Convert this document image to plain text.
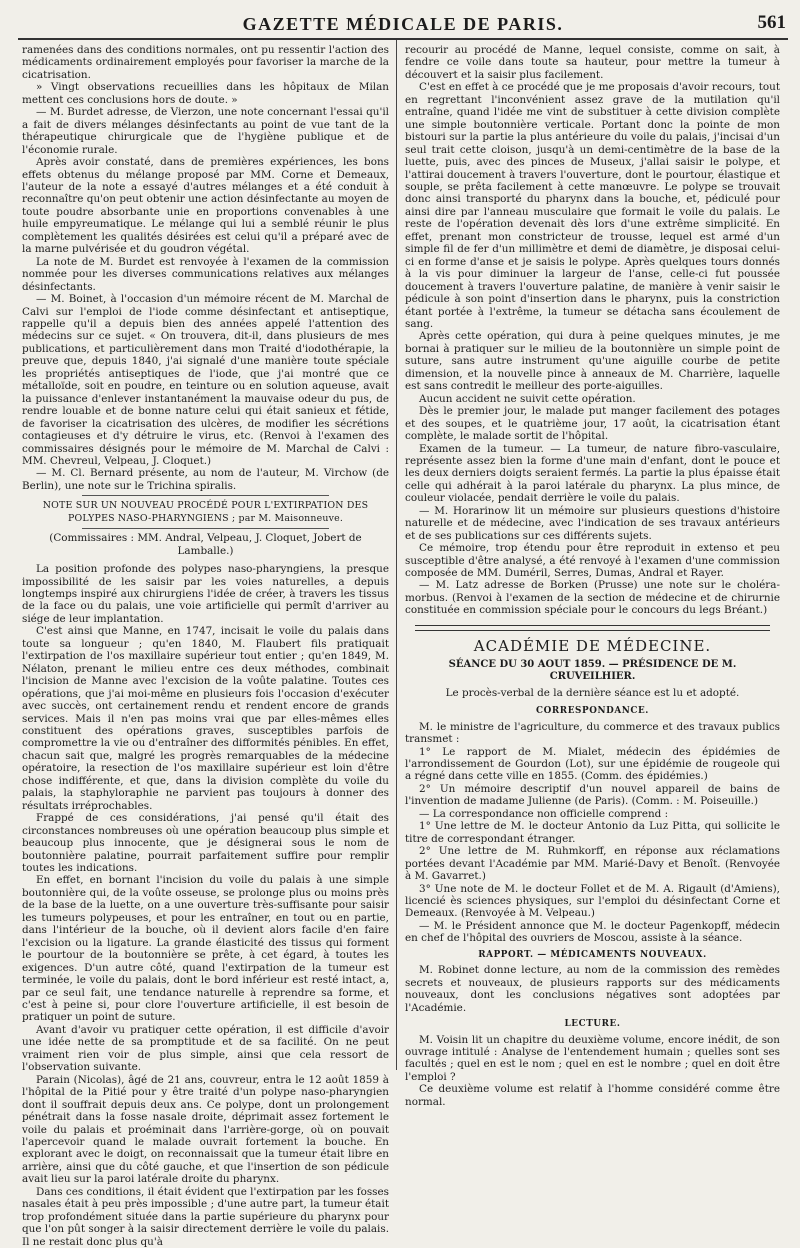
GAZETTE MÉDICALE DE PARIS.	561

ramenées dans des conditions normales, ont pu ressentir l'action des médicaments ordinairement employés pour favoriser la marche de la cicatrisation.

» Vingt observations recueillies dans les hôpitaux de Milan mettent ces conclusions hors de doute. »

— M. Burdet adresse, de Vierzon, une note concernant l'essai qu'il a fait de divers mélanges désinfectants au point de vue tant de la thérapeutique chirurgicale que de l'hygiène publique et de l'économie rurale.

Après avoir constaté, dans de premières expériences, les bons effets obtenus du mélange proposé par MM. Corne et Demeaux, l'auteur de la note a essayé d'autres mélanges et a été conduit à reconnaître qu'on peut obtenir une action désinfectante au moyen de toute poudre absorbante unie en proportions convenables à une huile empyreumatique. Le mélange qui lui a semblé réunir le plus complètement les qualités désirées est celui qu'il a préparé avec de la marne pulvérisée et du goudron végétal.

La note de M. Burdet est renvoyée à l'examen de la commission nommée pour les diverses communications relatives aux mélanges désinfectants.

— M. Boinet, à l'occasion d'un mémoire récent de M. Marchal de Calvi sur l'emploi de l'iode comme désinfectant et antiseptique, rappelle qu'il a depuis bien des années appelé l'attention des médecins sur ce sujet. « On trouvera, dit-il, dans plusieurs de mes publications, et particulièrement dans mon Traité d'iodothérapie, la preuve que, depuis 1840, j'ai signalé d'une manière toute spéciale les propriétés antiseptiques de l'iode, que j'ai montré que ce métalloïde, soit en poudre, en teinture ou en solution aqueuse, avait la puissance d'enlever instantanément la mauvaise odeur du pus, de rendre louable et de bonne nature celui qui était sanieux et fétide, de favoriser la cicatrisation des ulcères, de modifier les sécrétions contagieuses et d'y détruire le virus, etc. (Renvoi à l'examen des commissaires désignés pour le mémoire de M. Marchal de Calvi : MM. Chevreul, Velpeau, J. Cloquet.)

— M. Cl. Bernard présente, au nom de l'auteur, M. Virchow (de Berlin), une note sur le Trichina spiralis.

NOTE SUR UN NOUVEAU PROCÉDÉ POUR L'EXTIRPATION DES POLYPES NASO-PHARYNGIENS ; par M. Maisonneuve.

(Commissaires : MM. Andral, Velpeau, J. Cloquet, Jobert de Lamballe.)

La position profonde des polypes naso-pharyngiens, la presque impossibilité de les saisir par les voies naturelles, a depuis longtemps inspiré aux chirurgiens l'idée de créer, à travers les tissus de la face ou du palais, une voie artificielle qui permît d'arriver au siége de leur implantation.

C'est ainsi que Manne, en 1747, incisait le voile du palais dans toute sa longueur ; qu'en 1840, M. Flaubert fils pratiquait l'extirpation de l'os maxillaire supérieur tout entier ; qu'en 1849, M. Nélaton, prenant le milieu entre ces deux méthodes, combinait l'incision de Manne avec l'excision de la voûte palatine. Toutes ces opérations, que j'ai moi-même en plusieurs fois l'occasion d'exécuter avec succès, ont certainement rendu et rendent encore de grands services. Mais il n'en pas moins vrai que par elles-mêmes elles constituent des opérations graves, susceptibles parfois de compromettre la vie ou d'entraîner des difformités pénibles. En effet, chacun sait que, malgré les progrès remarquables de la médecine opératoire, la resection de l'os maxillaire supérieur est loin d'être chose indifférente, et que, dans la division complète du voile du palais, la staphyloraphie ne parvient pas toujours à donner des résultats irréprochables.

Frappé de ces considérations, j'ai pensé qu'il était des circonstances nombreuses où une opération beaucoup plus simple et beaucoup plus innocente, que je désignerai sous le nom de boutonnière palatine, pourrait parfaitement suffire pour remplir toutes les indications.

En effet, en bornant l'incision du voile du palais à une simple boutonnière qui, de la voûte osseuse, se prolonge plus ou moins près de la base de la luette, on a une ouverture très-suffisante pour saisir les tumeurs polypeuses, et pour les entraîner, en tout ou en partie, dans l'intérieur de la bouche, où il devient alors facile d'en faire l'excision ou la ligature. La grande élasticité des tissus qui forment le pourtour de la boutonnière se prête, à cet égard, à toutes les exigences. D'un autre côté, quand l'extirpation de la tumeur est terminée, le voile du palais, dont le bord inférieur est resté intact, a, par ce seul fait, une tendance naturelle à reprendre sa forme, et c'est à peine si, pour clore l'ouverture artificielle, il est besoin de pratiquer un point de suture.

Avant d'avoir vu pratiquer cette opération, il est difficile d'avoir une idée nette de sa promptitude et de sa facilité. On ne peut vraiment rien voir de plus simple, ainsi que cela ressort de l'observation suivante.

Parain (Nicolas), âgé de 21 ans, couvreur, entra le 12 août 1859 à l'hôpital de la Pitié pour y être traité d'un polype naso-pharyngien dont il souffrait depuis deux ans. Ce polype, dont un prolongement pénétrait dans la fosse nasale droite, déprimait assez fortement le voile du palais et proéminait dans l'arrière-gorge, où on pouvait l'apercevoir quand le malade ouvrait fortement la bouche. En explorant avec le doigt, on reconnaissait que la tumeur était libre en arrière, ainsi que du côté gauche, et que l'insertion de son pédicule avait lieu sur la paroi latérale droite du pharynx.

Dans ces conditions, il était évident que l'extirpation par les fosses nasales était à peu près impossible ; d'une autre part, la tumeur était trop profondément située dans la partie supérieure du pharynx pour que l'on pût songer à la saisir directement derrière le voile du palais. Il ne restait donc plus qu'à

recourir au procédé de Manne, lequel consiste, comme on sait, à fendre ce voile dans toute sa hauteur, pour mettre la tumeur à découvert et la saisir plus facilement.

C'est en effet à ce procédé que je me proposais d'avoir recours, tout en regrettant l'inconvénient assez grave de la mutilation qu'il entraîne, quand l'idée me vint de substituer à cette division complète une simple boutonnière verticale. Portant donc la pointe de mon bistouri sur la partie la plus antérieure du voile du palais, j'incisai d'un seul trait cette cloison, jusqu'à un demi-centimètre de la base de la luette, puis, avec des pinces de Museux, j'allai saisir le polype, et l'attirai doucement à travers l'ouverture, dont le pourtour, élastique et souple, se prêta facilement à cette manœuvre. Le polype se trouvait donc ainsi transporté du pharynx dans la bouche, et, pédiculé pour ainsi dire par l'anneau musculaire que formait le voile du palais. Le reste de l'opération devenait dès lors d'une extrême simplicité. En effet, prenant mon constricteur de trousse, lequel est armé d'un simple fil de fer d'un millimètre et demi de diamètre, je disposai celui-ci en forme d'anse et je saisis le polype. Après quelques tours donnés à la vis pour diminuer la largeur de l'anse, celle-ci fut poussée doucement à travers l'ouverture palatine, de manière à venir saisir le pédicule à son point d'insertion dans le pharynx, puis la constriction étant portée à l'extrême, la tumeur se détacha sans écoulement de sang.

Après cette opération, qui dura à peine quelques minutes, je me bornai à pratiquer sur le milieu de la boutonnière un simple point de suture, sans autre instrument qu'une aiguille courbe de petite dimension, et la nouvelle pince à anneaux de M. Charrière, laquelle est sans contredit le meilleur des porte-aiguilles.

Aucun accident ne suivit cette opération.

Dès le premier jour, le malade put manger facilement des potages et des soupes, et le quatrième jour, 17 août, la cicatrisation étant complète, le malade sortit de l'hôpital.

Examen de la tumeur. — La tumeur, de nature fibro-vasculaire, représente assez bien la forme d'une main d'enfant, dont le pouce et les deux derniers doigts seraient fermés. La partie la plus épaisse était celle qui adhérait à la paroi latérale du pharynx. La plus mince, de couleur violacée, pendait derrière le voile du palais.

— M. Horarinow lit un mémoire sur plusieurs questions d'histoire naturelle et de médecine, avec l'indication de ses travaux antérieurs et de ses publications sur ces différents sujets.

Ce mémoire, trop étendu pour être reproduit in extenso et peu susceptible d'être analysé, a été renvoyé à l'examen d'une commission composée de MM. Duméril, Serres, Dumas, Andral et Rayer.

— M. Latz adresse de Borken (Prusse) une note sur le choléra-morbus. (Renvoi à l'examen de la section de médecine et de chirurnie constituée en commission spéciale pour le concours du legs Bréant.)

ACADÉMIE DE MÉDECINE.

SÉANCE DU 30 AOUT 1859. — PRÉSIDENCE DE M. CRUVEILHIER.

Le procès-verbal de la dernière séance est lu et adopté.

CORRESPONDANCE.

M. le ministre de l'agriculture, du commerce et des travaux publics transmet :

1° Le rapport de M. Mialet, médecin des épidémies de l'arrondissement de Gourdon (Lot), sur une épidémie de rougeole qui a régné dans cette ville en 1855. (Comm. des épidémies.)

2° Un mémoire descriptif d'un nouvel appareil de bains de l'invention de madame Julienne (de Paris). (Comm. : M. Poiseuille.)

— La correspondance non officielle comprend :

1° Une lettre de M. le docteur Antonio da Luz Pitta, qui sollicite le titre de correspondant étranger.

2° Une lettre de M. Ruhmkorff, en réponse aux réclamations portées devant l'Académie par MM. Marié-Davy et Benoît. (Renvoyée à M. Gavarret.)

3° Une note de M. le docteur Follet et de M. A. Rigault (d'Amiens), licencié ès sciences physiques, sur l'emploi du désinfectant Corne et Demeaux. (Renvoyée à M. Velpeau.)

— M. le Président annonce que M. le docteur Pagenkopff, médecin en chef de l'hôpital des ouvriers de Moscou, assiste à la séance.

RAPPORT. — MÉDICAMENTS NOUVEAUX.

M. Robinet donne lecture, au nom de la commission des remèdes secrets et nouveaux, de plusieurs rapports sur des médicaments nouveaux, dont les conclusions négatives sont adoptées par l'Académie.

LECTURE.

M. Voisin lit un chapitre du deuxième volume, encore inédit, de son ouvrage intitulé : Analyse de l'entendement humain ; quelles sont ses facultés ; quel en est le nom ; quel en est le nombre ; quel en doit être l'emploi ?

Ce deuxième volume est relatif à l'homme considéré comme être normal.
